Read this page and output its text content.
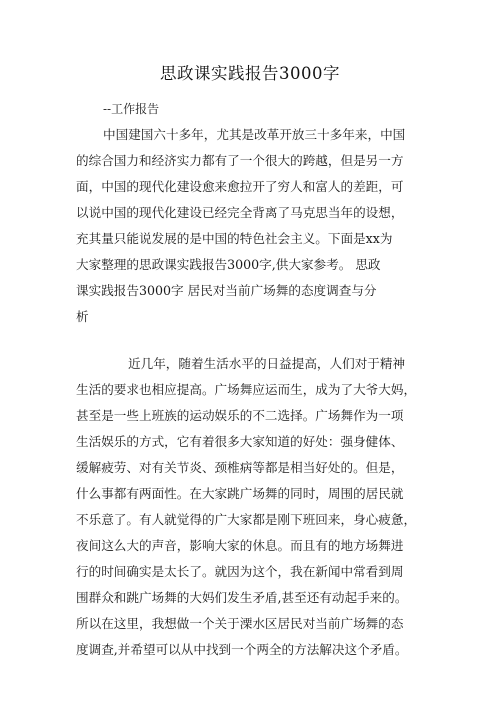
思政课实践报告3000字
--工作报告
中国建国六十多年，尤其是改革开放三十多年来，中国
的综合国力和经济实力都有了一个很大的跨越，但是另一方
面，中国的现代化建设愈来愈拉开了穷人和富人的差距，可
以说中国的现代化建设已经完全背离了马克思当年的设想，
充其量只能说发展的是中国的特色社会主义。下面是xx为
大家整理的思政课实践报告3000字,供大家参考。 思政
课实践报告3000字 居民对当前广场舞的态度调查与分
析
近几年，随着生活水平的日益提高，人们对于精神
生活的要求也相应提高。广场舞应运而生，成为了大爷大妈，
甚至是一些上班族的运动娱乐的不二选择。广场舞作为一项
生活娱乐的方式，它有着很多大家知道的好处：强身健体、
缓解疲劳、对有关节炎、颈椎病等都是相当好处的。但是，
什么事都有两面性。在大家跳广场舞的同时，周围的居民就
不乐意了。有人就觉得的广大家都是刚下班回来，身心疲惫，
夜间这么大的声音，影响大家的休息。而且有的地方场舞进
行的时间确实是太长了。就因为这个，我在新闻中常看到周
围群众和跳广场舞的大妈们发生矛盾,甚至还有动起手来的。
所以在这里，我想做一个关于溧水区居民对当前广场舞的态
度调查,并希望可以从中找到一个两全的方法解决这个矛盾。
